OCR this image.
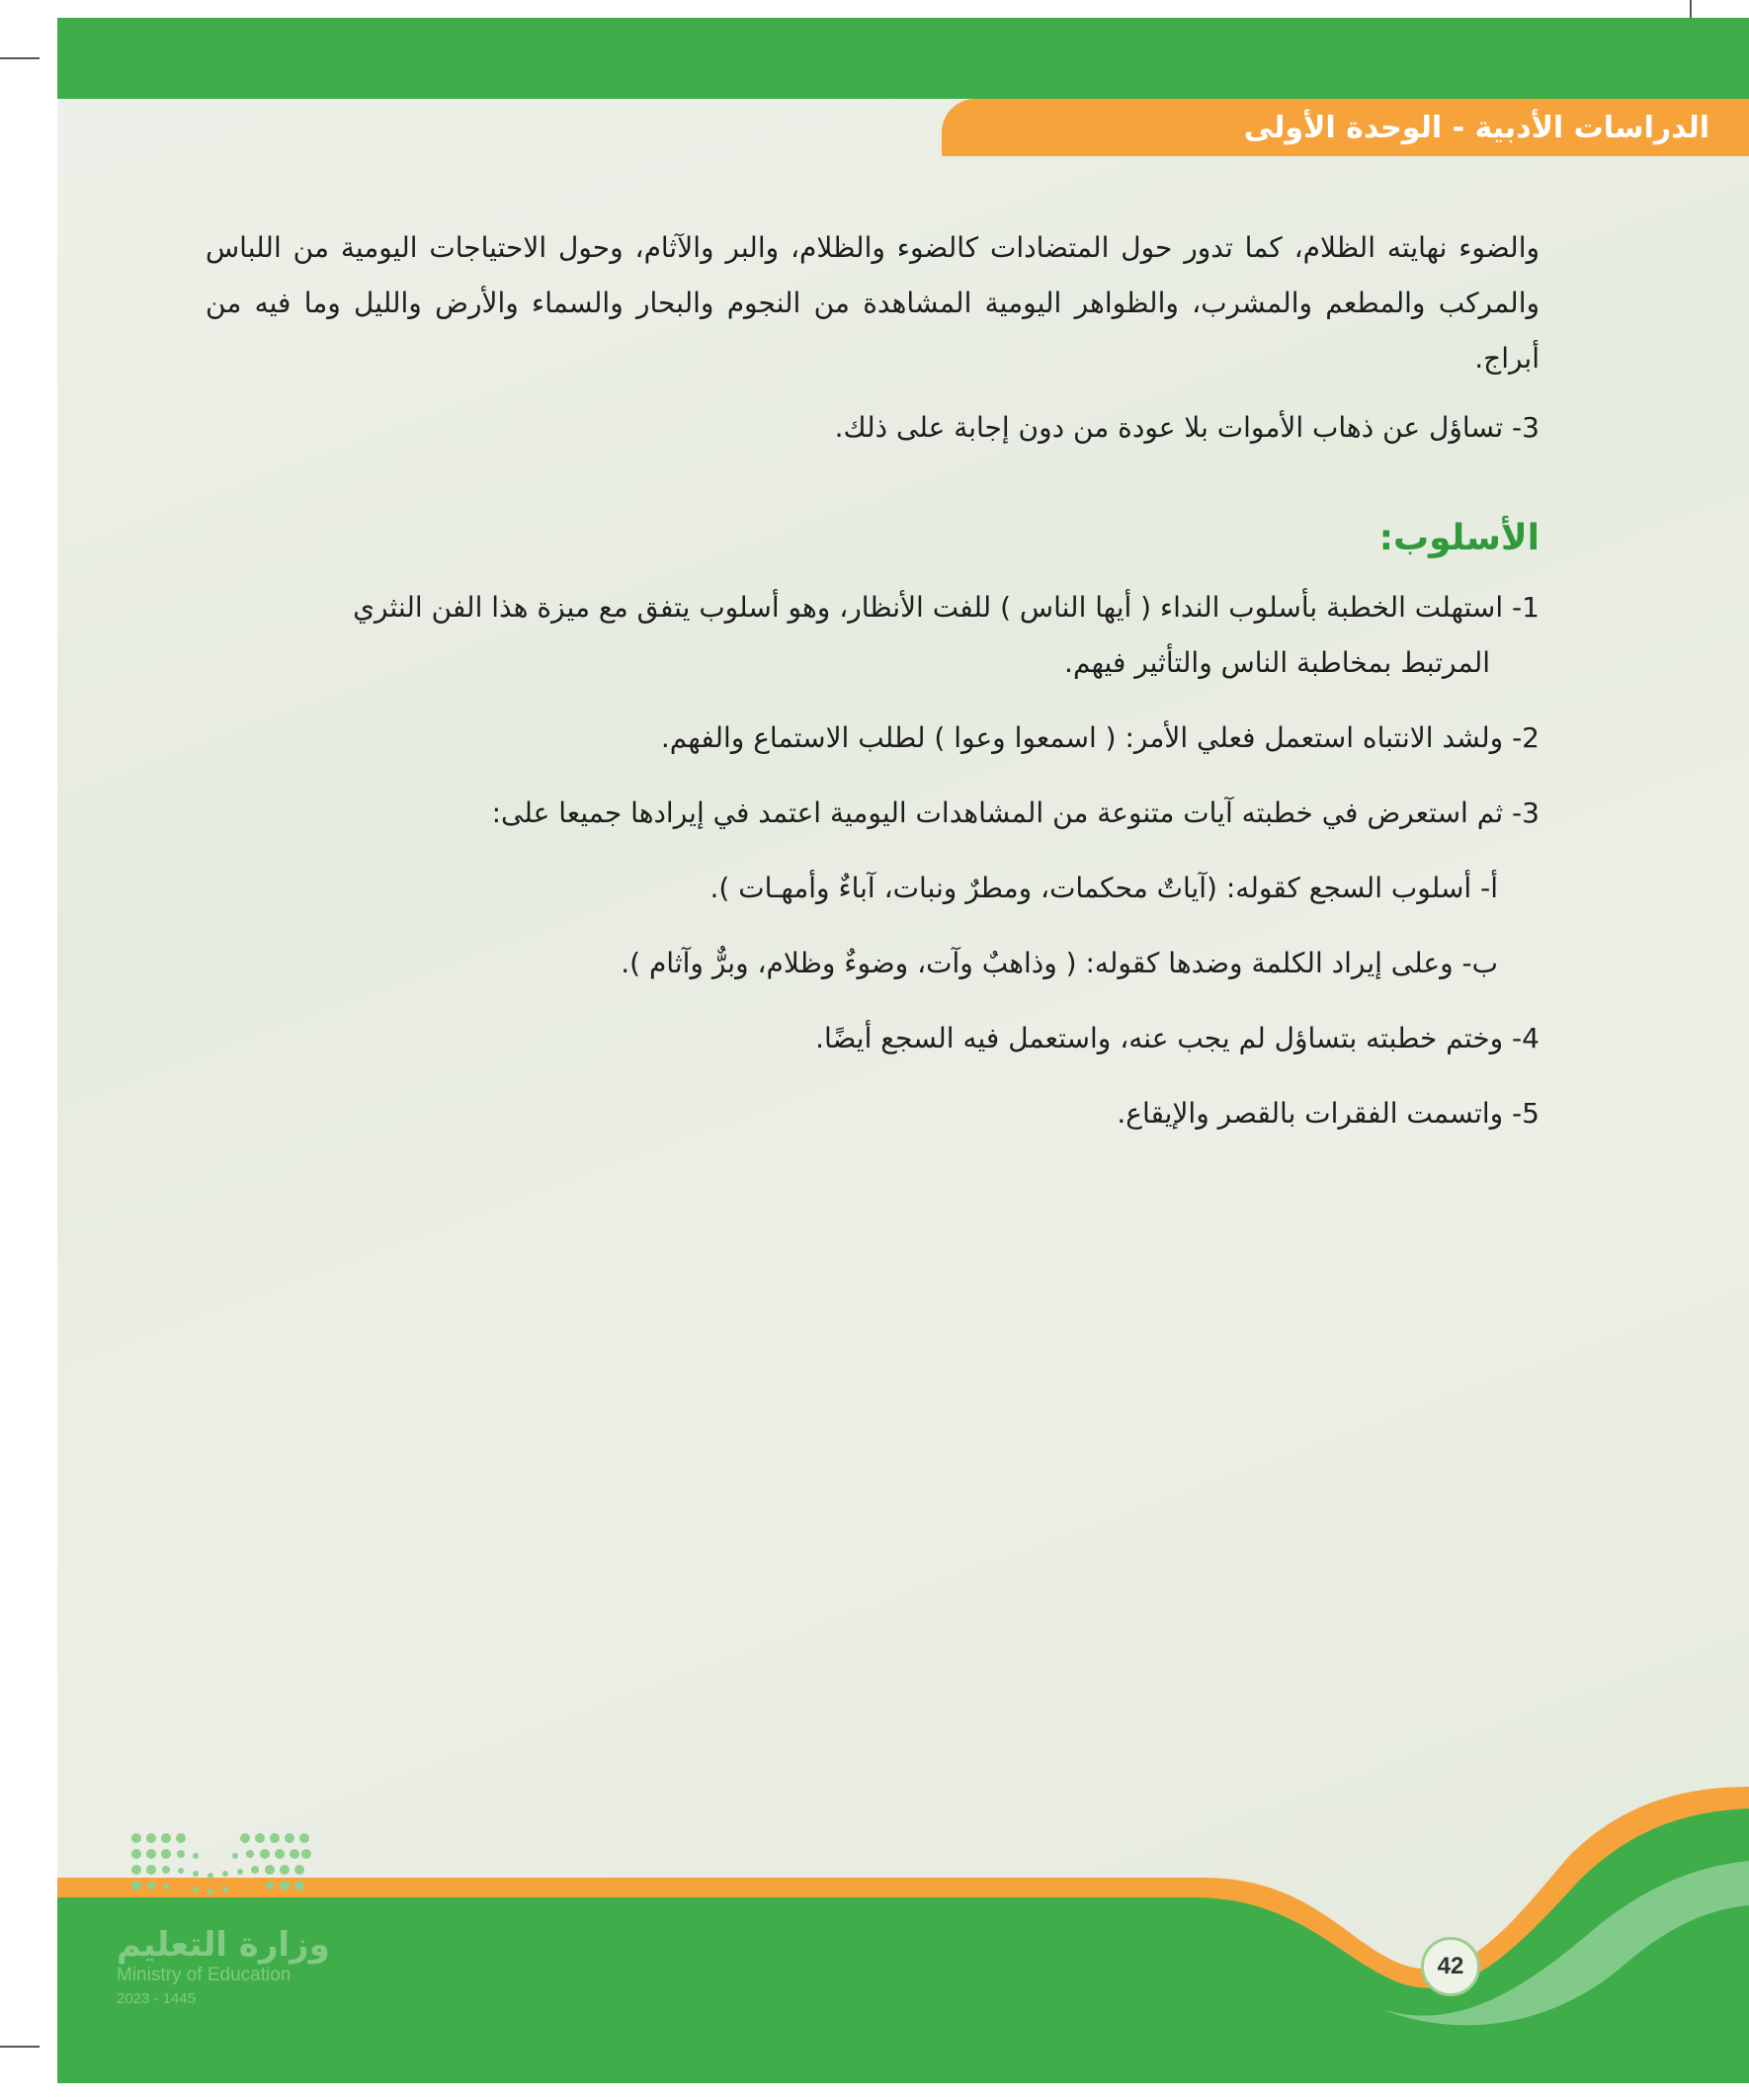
الدراسات الأدبية - الوحدة الأولى

والضوء نهايته الظلام، كما تدور حول المتضادات كالضوء والظلام، والبر والآثام، وحول الاحتياجات اليومية من اللباس والمركب والمطعم والمشرب، والظواهر اليومية المشاهدة من النجوم والبحار والسماء والأرض والليل وما فيه من أبراج.

3- تساؤل عن ذهاب الأموات بلا عودة من دون إجابة على ذلك.

الأسلوب:

1- استهلت الخطبة بأسلوب النداء ( أيها الناس ) للفت الأنظار، وهو أسلوب يتفق مع ميزة هذا الفن النثري

المرتبط بمخاطبة الناس والتأثير فيهم.

2- ولشد الانتباه استعمل فعلي الأمر: ( اسمعوا وعوا ) لطلب الاستماع والفهم.

3- ثم استعرض في خطبته آيات متنوعة من المشاهدات اليومية اعتمد في إيرادها جميعا على:

أ- أسلوب السجع كقوله: (آياتٌ محكمات، ومطرٌ ونبات، آباءٌ وأمهـات ).

ب- وعلى إيراد الكلمة وضدها كقوله: ( وذاهبٌ وآت، وضوءٌ وظلام، وبرٌّ وآثام ).

4- وختم خطبته بتساؤل لم يجب عنه، واستعمل فيه السجع أيضًا.

5- واتسمت الفقرات بالقصر والإيقاع.

وزارة التعليم
Ministry of Education
2023 - 1445
42
